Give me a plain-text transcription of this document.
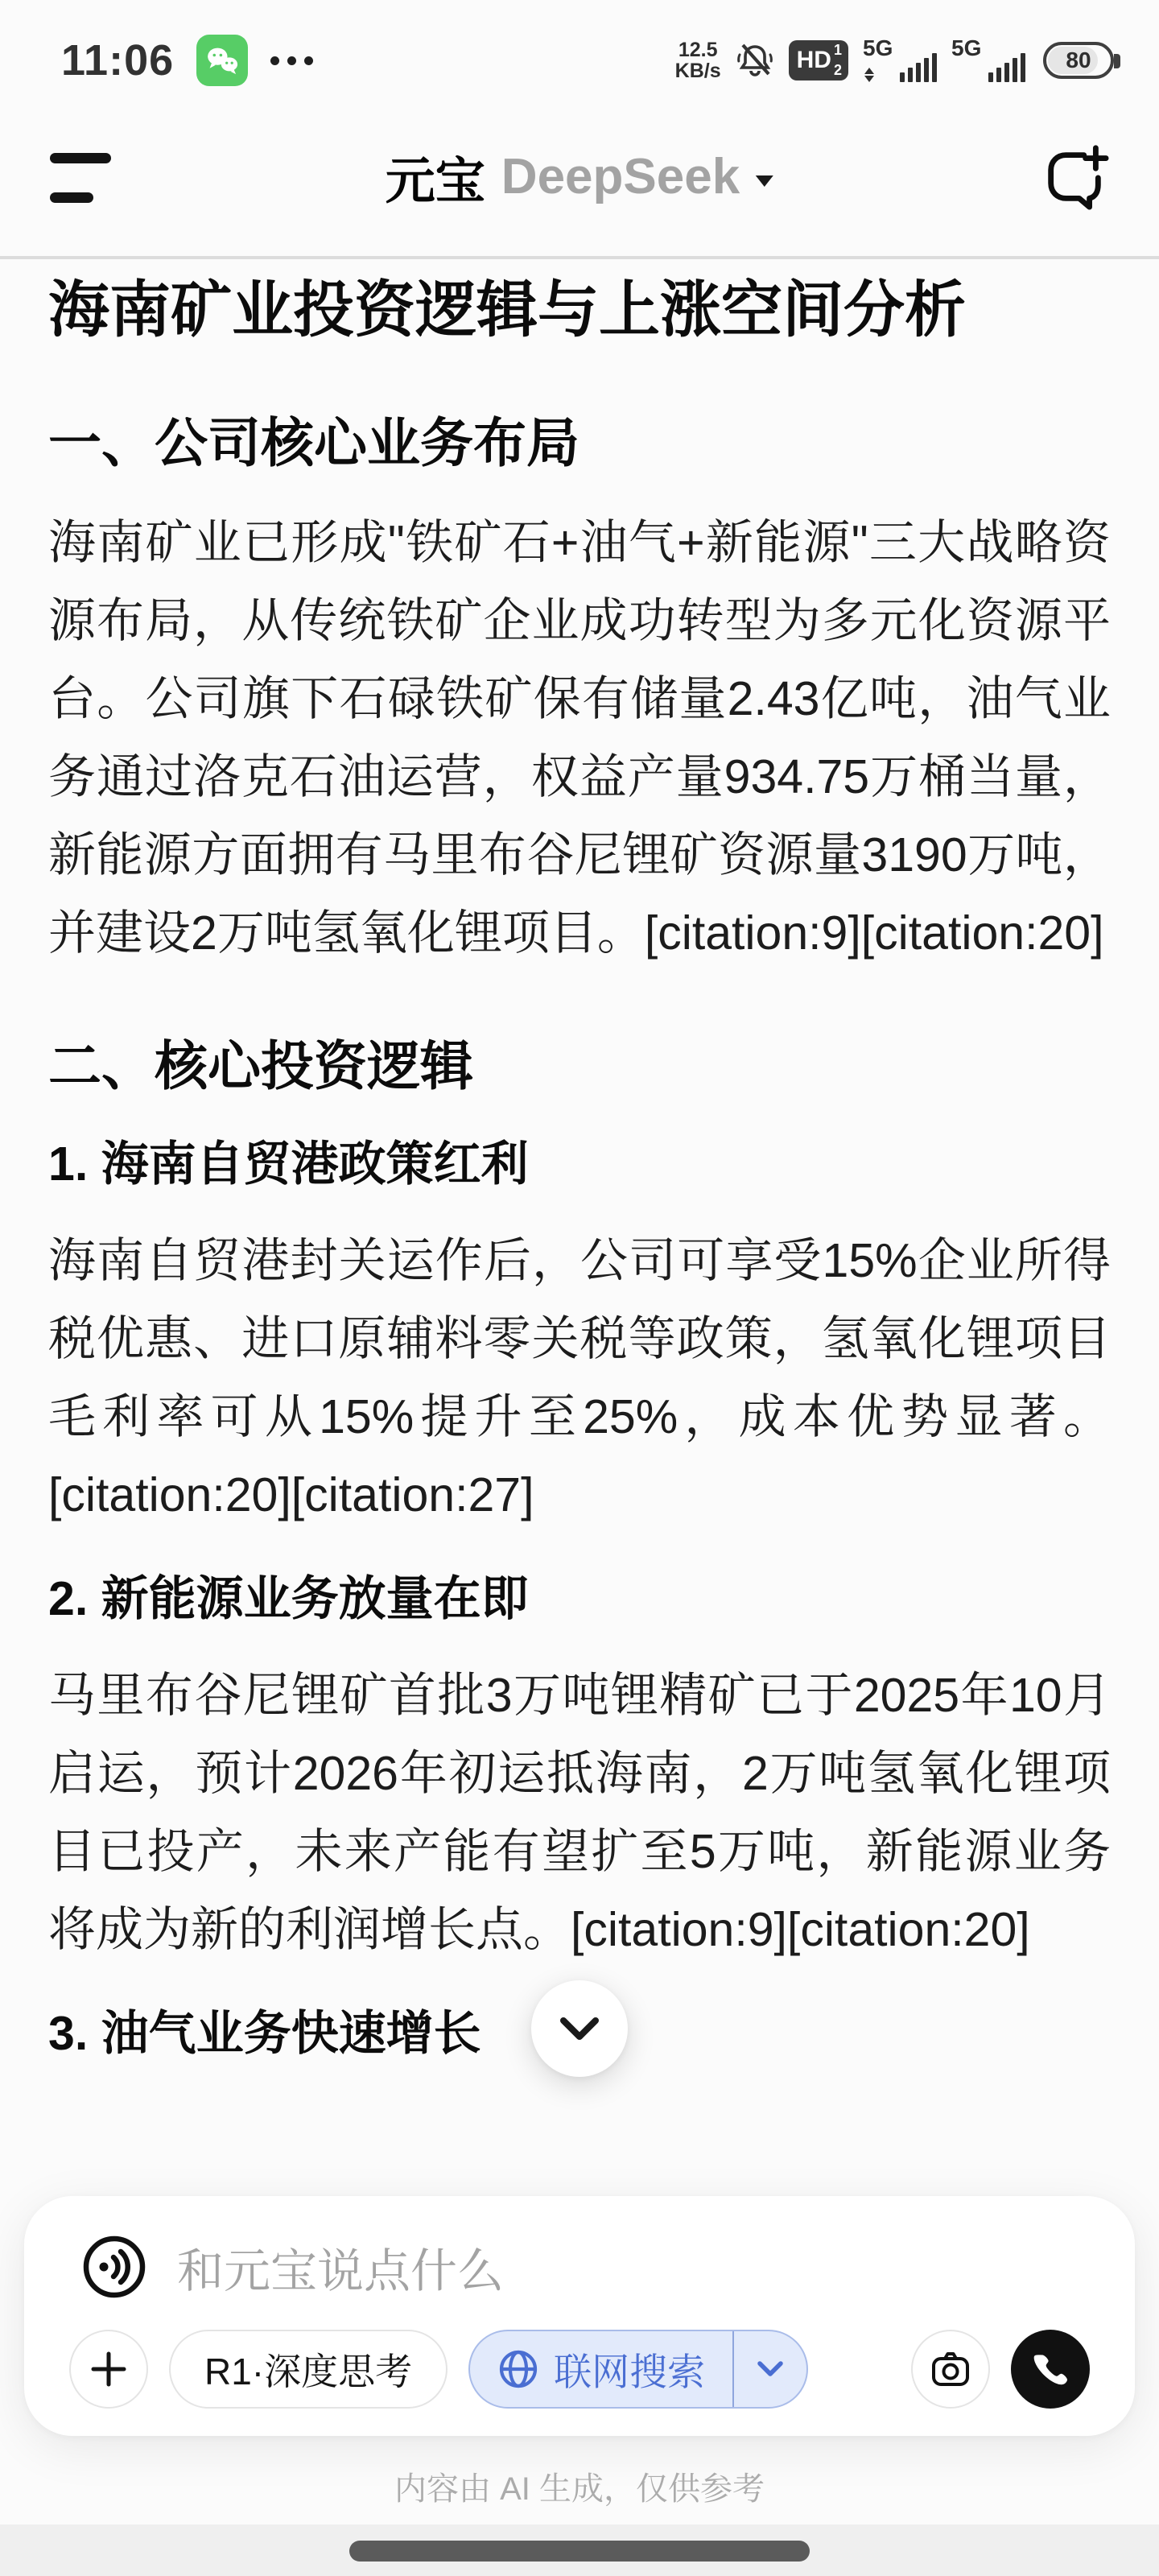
11:06	12.5
KB/s	HD 1
2
5G	5G	80
元宝 DeepSeek
海南矿业投资逻辑与上涨空间分析
一、公司核心业务布局

海南矿业已形成"铁矿石+油气+新能源"三大战略资源布局，从传统铁矿企业成功转型为多元化资源平台。公司旗下石碌铁矿保有储量2.43亿吨，油气业务通过洛克石油运营，权益产量934.75万桶当量，新能源方面拥有马里布谷尼锂矿资源量3190万吨，并建设2万吨氢氧化锂项目。[citation:9][citation:20]

二、核心投资逻辑
1. 海南自贸港政策红利

海南自贸港封关运作后，公司可享受15%企业所得税优惠、进口原辅料零关税等政策，氢氧化锂项目毛利率可从15%提升至25%，成本优势显著。[citation:20][citation:27]

2. 新能源业务放量在即

马里布谷尼锂矿首批3万吨锂精矿已于2025年10月启运，预计2026年初运抵海南，2万吨氢氧化锂项目已投产，未来产能有望扩至5万吨，新能源业务将成为新的利润增长点。[citation:9][citation:20]

3. 油气业务快速增长
和元宝说点什么
R1·深度思考	联网搜索
内容由 AI 生成，仅供参考
